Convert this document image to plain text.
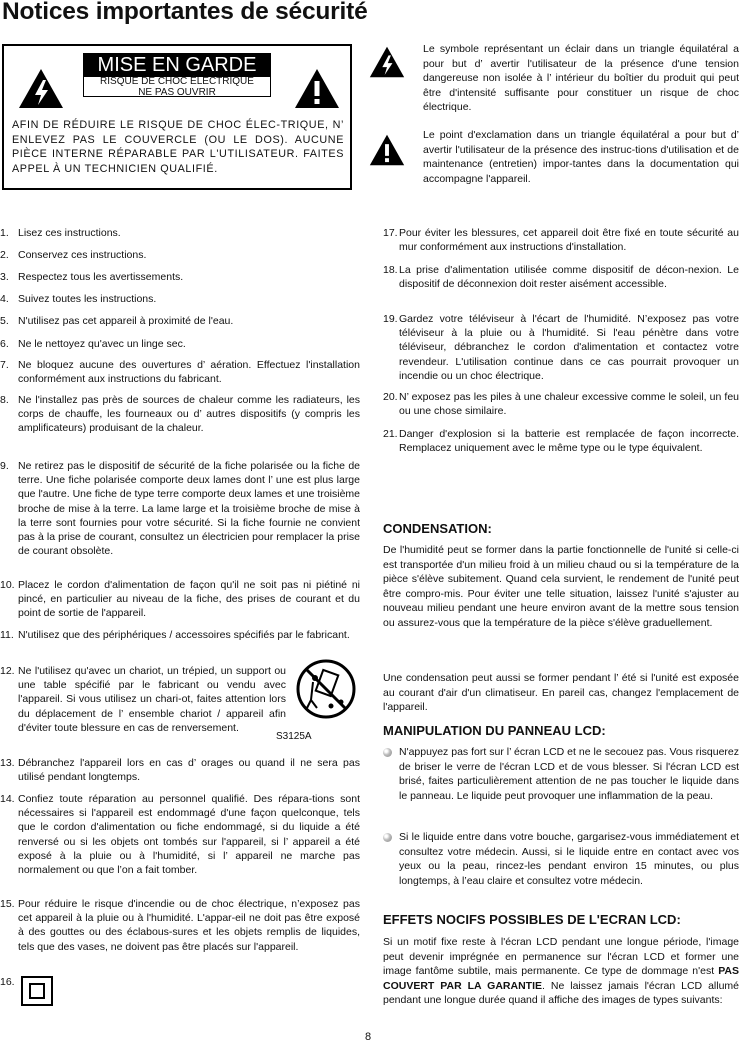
Notices importantes de sécurité
MISE EN GARDE
RISQUE DE CHOC ÉLECTRIQUE
NE PAS OUVRIR
AFIN DE RÉDUIRE LE RISQUE DE CHOC ÉLEC-TRIQUE, N’ ENLEVEZ PAS LE COUVERCLE (OU LE DOS). AUCUNE PIÈCE INTERNE RÉPARABLE PAR L'UTILISATEUR. FAITES APPEL À UN TECHNICIEN QUALIFIÉ.
Le symbole représentant un éclair dans un triangle équilatéral a pour but d’ avertir l'utilisateur de la présence d'une tension dangereuse non isolée à l’ intérieur du boîtier du produit qui peut être d'intensité suffisante pour constituer un risque de choc électrique.
Le point d'exclamation dans un triangle équilatéral a pour but d’ avertir l'utilisateur de la présence des instruc-tions d'utilisation et de maintenance (entretien) impor-tantes dans la documentation qui accompagne l'appareil.
1. Lisez ces instructions.
2. Conservez ces instructions.
3. Respectez tous les avertissements.
4. Suivez toutes les instructions.
5. N'utilisez pas cet appareil à proximité de l'eau.
6. Ne le nettoyez qu'avec un linge sec.
7. Ne bloquez aucune des ouvertures d’ aération. Effectuez l'installation conformément aux instructions du fabricant.
8. Ne l'installez pas près de sources de chaleur comme les radiateurs, les corps de chauffe, les fourneaux ou d’ autres dispositifs (y compris les amplificateurs) produisant de la chaleur.
9. Ne retirez pas le dispositif de sécurité de la fiche polarisée ou la fiche de terre. Une fiche polarisée comporte deux lames dont l’ une est plus large que l'autre. Une fiche de type terre comporte deux lames et une troisième broche de mise à la terre. La lame large et la troisième broche de mise à la terre sont fournies pour votre sécurité. Si la fiche fournie ne convient pas à la prise de courant, consultez un électricien pour remplacer la prise de courant obsolète.
10. Placez le cordon d'alimentation de façon qu'il ne soit pas ni piétiné ni pincé, en particulier au niveau de la fiche, des prises de courant et du point de sortie de l'appareil.
11. N'utilisez que des périphériques / accessoires spécifiés par le fabricant.
12. Ne l'utilisez qu'avec un chariot, un trépied, un support ou une table spécifié par le fabricant ou vendu avec l'appareil. Si vous utilisez un chari-ot, faites attention lors du déplacement de l’ ensemble chariot / appareil afin d'éviter toute blessure en cas de renversement.
13. Débranchez l'appareil lors en cas d’ orages ou quand il ne sera pas utilisé pendant longtemps.
14. Confiez toute réparation au personnel qualifié. Des répara-tions sont nécessaires si l'appareil est endommagé d'une façon quelconque, tels que le cordon d'alimentation ou fiche endommagé, si du liquide a été renversé ou si les objets ont tombés sur l'appareil, si l’ appareil a été exposé à la pluie ou à l'humidité, si l’ appareil ne marche pas normalement ou que l’on a fait tomber.
15. Pour réduire le risque d'incendie ou de choc électrique, n’exposez pas cet appareil à la pluie ou à l'humidité. L'appar-eil ne doit pas être exposé à des gouttes ou des éclabous-sures et les objets remplis de liquides, tels que des vases, ne doivent pas être placés sur l'appareil.
16.
S3125A
17. Pour éviter les blessures, cet appareil doit être fixé en toute sécurité au mur conformément aux instructions d'installation.
18. La prise d'alimentation utilisée comme dispositif de décon-nexion. Le dispositif de déconnexion doit rester aisément accessible.
19. Gardez votre téléviseur à l'écart de l'humidité. N’exposez pas votre téléviseur à la pluie ou à l'humidité. Si l'eau pénètre dans votre téléviseur, débranchez le cordon d'alimentation et contactez votre revendeur. L'utilisation continue dans ce cas pourrait provoquer un incendie ou un choc électrique.
20. N’ exposez pas les piles à une chaleur excessive comme le soleil, un feu ou une chose similaire.
21. Danger d'explosion si la batterie est remplacée de façon incorrecte. Remplacez uniquement avec le même type ou le type équivalent.
CONDENSATION:
De l'humidité peut se former dans la partie fonctionnelle de l'unité si celle-ci est transportée d'un milieu froid à un milieu chaud ou si la température de la pièce s'élève subitement. Quand cela survient, le rendement de l'unité peut être compro-mis. Pour éviter une telle situation, laissez l'unité s'ajuster au nouveau milieu pendant une heure environ avant de la mettre sous tension ou assurez-vous que la température de la pièce s'élève graduellement.
Une condensation peut aussi se former pendant l’ été si l'unité est exposée au courant d'air d'un climatiseur. En pareil cas, changez l'emplacement de l'appareil.
MANIPULATION DU PANNEAU LCD:
N'appuyez pas fort sur l’ écran LCD et ne le secouez pas. Vous risquerez de briser le verre de l'écran LCD et de vous blesser. Si l'écran LCD est brisé, faites particulièrement attention de ne pas toucher le liquide dans le panneau. Le liquide peut provoquer une inflammation de la peau.
Si le liquide entre dans votre bouche, gargarisez-vous immédiatement et consultez votre médecin. Aussi, si le liquide entre en contact avec vos yeux ou la peau, rincez-les pendant environ 15 minutes, ou plus longtemps, à l’eau claire et consultez votre médecin.
EFFETS NOCIFS POSSIBLES DE L'ECRAN LCD:
Si un motif fixe reste à l'écran LCD pendant une longue période, l'image peut devenir imprégnée en permanence sur l'écran LCD et former une image fantôme subtile, mais permanente. Ce type de dommage n'est PAS COUVERT PAR LA GARANTIE. Ne laissez jamais l'écran LCD allumé pendant une longue durée quand il affiche des images de types suivants:
8
